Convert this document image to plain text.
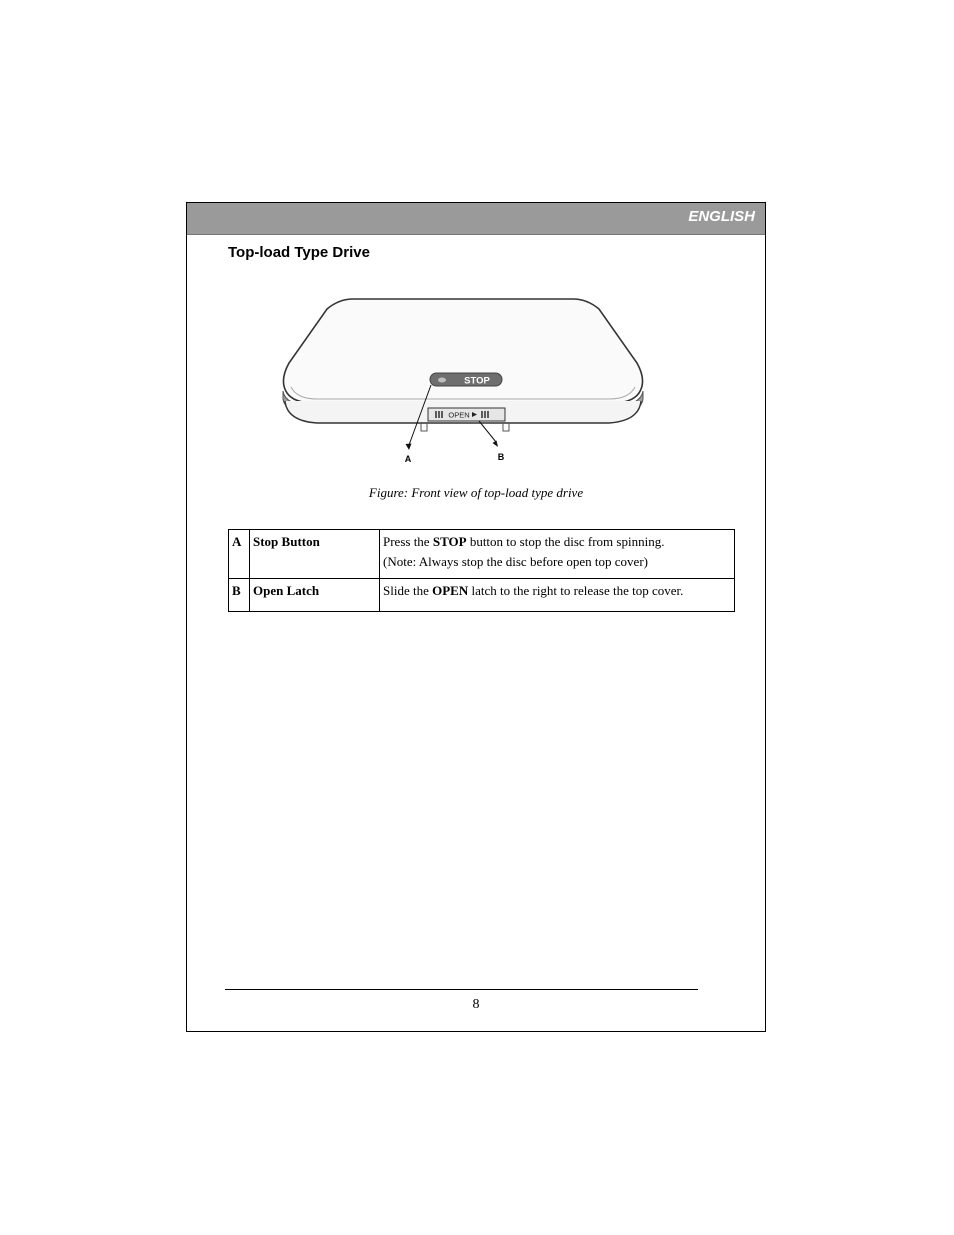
ENGLISH
Top-load Type Drive
STOP
OPEN
A	B
Figure: Front view of top-load type drive
A	Stop Button	Press the STOP button to stop the disc from spinning.
(Note: Always stop the disc before open top cover)

B	Open Latch	Slide the OPEN latch to the right to release the top cover.
8
